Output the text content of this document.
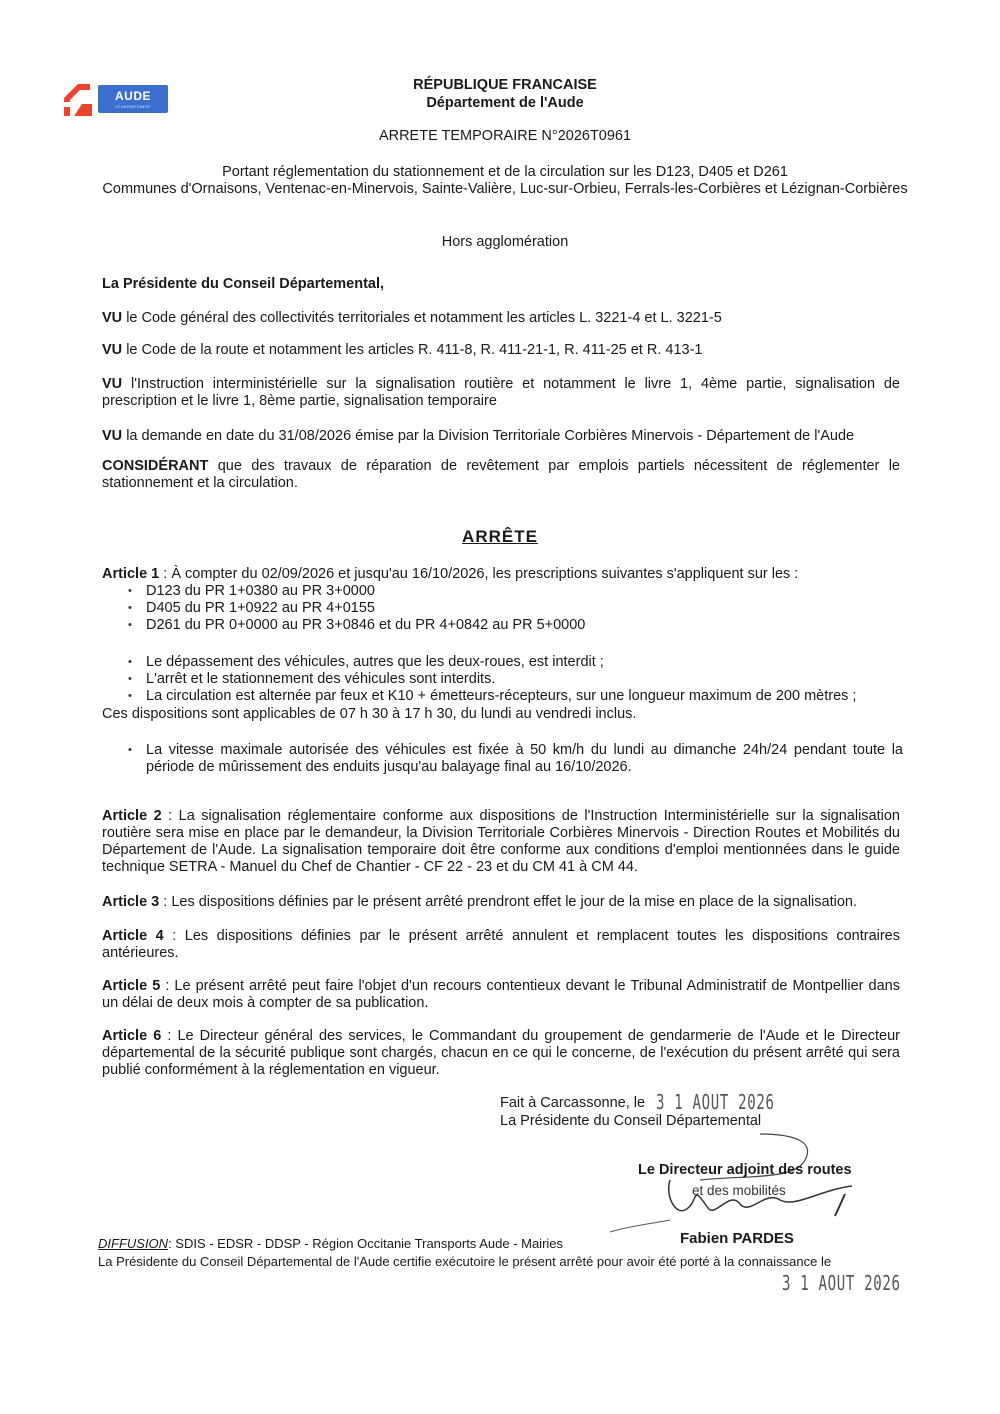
AUDE
LE DEPARTEMENT
RÉPUBLIQUE FRANCAISE
Département de l'Aude
ARRETE TEMPORAIRE N°2026T0961
Portant réglementation du stationnement et de la circulation sur les D123, D405 et D261
Communes d'Ornaisons, Ventenac-en-Minervois, Sainte-Valière, Luc-sur-Orbieu, Ferrals-les-Corbières et Lézignan-Corbières
Hors agglomération
La Présidente du Conseil Départemental,
VU le Code général des collectivités territoriales et notamment les articles L. 3221-4 et L. 3221-5
VU le Code de la route et notamment les articles R. 411-8, R. 411-21-1, R. 411-25 et R. 413-1
VU l'Instruction interministérielle sur la signalisation routière et notamment le livre 1, 4ème partie, signalisation de prescription et le livre 1, 8ème partie, signalisation temporaire
VU la demande en date du 31/08/2026 émise par la Division Territoriale Corbières Minervois - Département de l'Aude
CONSIDÉRANT que des travaux de réparation de revêtement par emplois partiels nécessitent de réglementer le stationnement et la circulation.
ARRÊTE
Article 1 : À compter du 02/09/2026 et jusqu'au 16/10/2026, les prescriptions suivantes s'appliquent sur les :
• D123 du PR 1+0380 au PR 3+0000
• D405 du PR 1+0922 au PR 4+0155
• D261 du PR 0+0000 au PR 3+0846 et du PR 4+0842 au PR 5+0000
• Le dépassement des véhicules, autres que les deux-roues, est interdit ;
• L'arrêt et le stationnement des véhicules sont interdits.
• La circulation est alternée par feux et K10 + émetteurs-récepteurs, sur une longueur maximum de 200 mètres ;
Ces dispositions sont applicables de 07 h 30 à 17 h 30, du lundi au vendredi inclus.
• La vitesse maximale autorisée des véhicules est fixée à 50 km/h du lundi au dimanche 24h/24 pendant toute la période de mûrissement des enduits jusqu'au balayage final au 16/10/2026.
Article 2 : La signalisation réglementaire conforme aux dispositions de l'Instruction Interministérielle sur la signalisation routière sera mise en place par le demandeur, la Division Territoriale Corbières Minervois - Direction Routes et Mobilités du Département de l'Aude. La signalisation temporaire doit être conforme aux conditions d'emploi mentionnées dans le guide technique SETRA - Manuel du Chef de Chantier - CF 22 - 23 et du CM 41 à CM 44.
Article 3 : Les dispositions définies par le présent arrêté prendront effet le jour de la mise en place de la signalisation.
Article 4 : Les dispositions définies par le présent arrêté annulent et remplacent toutes les dispositions contraires antérieures.
Article 5 : Le présent arrêté peut faire l'objet d'un recours contentieux devant le Tribunal Administratif de Montpellier dans un délai de deux mois à compter de sa publication.
Article 6 : Le Directeur général des services, le Commandant du groupement de gendarmerie de l'Aude et le Directeur départemental de la sécurité publique sont chargés, chacun en ce qui le concerne, de l'exécution du présent arrêté qui sera publié conformément à la réglementation en vigueur.
Fait à Carcassonne, le
La Présidente du Conseil Départemental
3 1 AOUT 2026
Le Directeur adjoint des routes
et des mobilités
Fabien PARDES
DIFFUSION: SDIS - EDSR - DDSP - Région Occitanie Transports Aude - Mairies
La Présidente du Conseil Départemental de l'Aude certifie exécutoire le présent arrêté pour avoir été porté à la connaissance le
3 1 AOUT 2026
